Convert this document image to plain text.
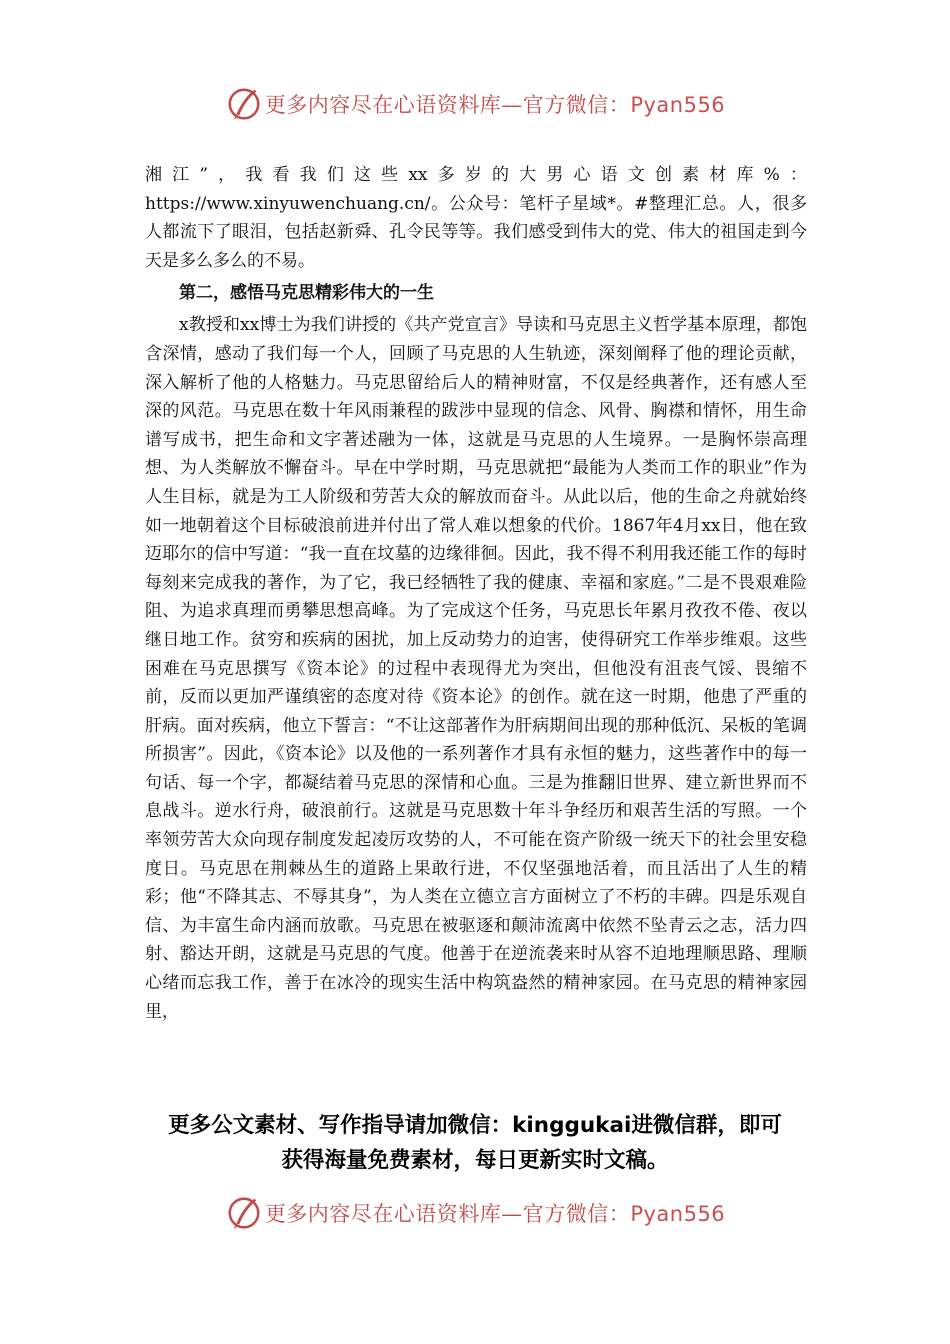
更多内容尽在心语资料库—官方微信：Pyan556

湘江”，我看我们这些xx多岁的大男心语文创素材库%：https://www.xinyuwenchuang.cn/。公众号：笔杆子星域*。#整理汇总。人，很多人都流下了眼泪，包括赵新舜、孔令民等等。我们感受到伟大的党、伟大的祖国走到今天是多么多么的不易。

第二，感悟马克思精彩伟大的一生

x教授和xx博士为我们讲授的《共产党宣言》导读和马克思主义哲学基本原理，都饱含深情，感动了我们每一个人，回顾了马克思的人生轨迹，深刻阐释了他的理论贡献，深入解析了他的人格魅力。马克思留给后人的精神财富，不仅是经典著作，还有感人至深的风范。马克思在数十年风雨兼程的跋涉中显现的信念、风骨、胸襟和情怀，用生命谱写成书，把生命和文字著述融为一体，这就是马克思的人生境界。一是胸怀崇高理想、为人类解放不懈奋斗。早在中学时期，马克思就把“最能为人类而工作的职业”作为人生目标，就是为工人阶级和劳苦大众的解放而奋斗。从此以后，他的生命之舟就始终如一地朝着这个目标破浪前进并付出了常人难以想象的代价。1867年4月xx日，他在致迈耶尔的信中写道：“我一直在坟墓的边缘徘徊。因此，我不得不利用我还能工作的每时每刻来完成我的著作，为了它，我已经牺牲了我的健康、幸福和家庭。”二是不畏艰难险阻、为追求真理而勇攀思想高峰。为了完成这个任务，马克思长年累月孜孜不倦、夜以继日地工作。贫穷和疾病的困扰，加上反动势力的迫害，使得研究工作举步维艰。这些困难在马克思撰写《资本论》的过程中表现得尤为突出，但他没有沮丧气馁、畏缩不前，反而以更加严谨缜密的态度对待《资本论》的创作。就在这一时期，他患了严重的肝病。面对疾病，他立下誓言：“不让这部著作为肝病期间出现的那种低沉、呆板的笔调所损害”。因此，《资本论》以及他的一系列著作才具有永恒的魅力，这些著作中的每一句话、每一个字，都凝结着马克思的深情和心血。三是为推翻旧世界、建立新世界而不息战斗。逆水行舟，破浪前行。这就是马克思数十年斗争经历和艰苦生活的写照。一个率领劳苦大众向现存制度发起凌厉攻势的人，不可能在资产阶级一统天下的社会里安稳度日。马克思在荆棘丛生的道路上果敢行进，不仅坚强地活着，而且活出了人生的精彩；他“不降其志、不辱其身”，为人类在立德立言方面树立了不朽的丰碑。四是乐观自信、为丰富生命内涵而放歌。马克思在被驱逐和颠沛流离中依然不坠青云之志，活力四射、豁达开朗，这就是马克思的气度。他善于在逆流袭来时从容不迫地理顺思路、理顺心绪而忘我工作，善于在冰冷的现实生活中构筑盎然的精神家园。在马克思的精神家园里，

更多公文素材、写作指导请加微信：kinggukai进微信群，即可
获得海量免费素材，每日更新实时文稿。
更多内容尽在心语资料库—官方微信：Pyan556
